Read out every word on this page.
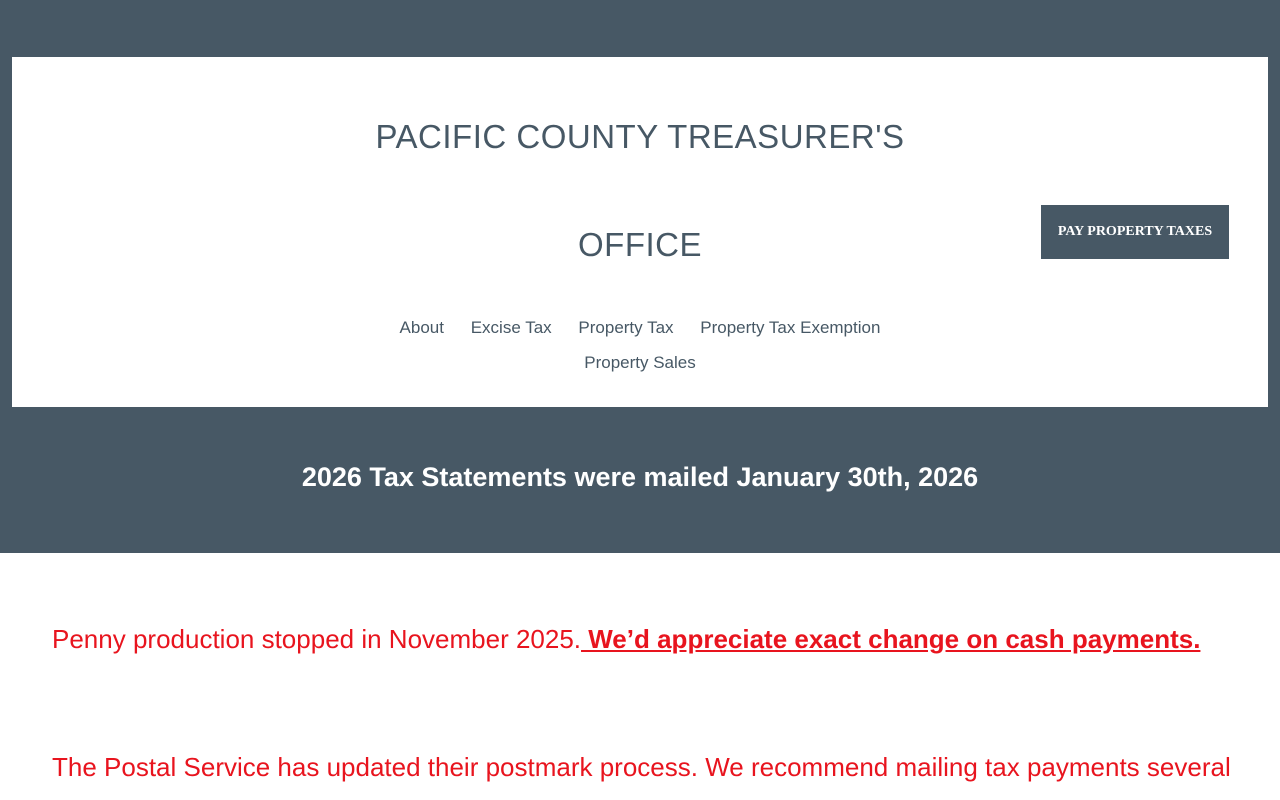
PACIFIC COUNTY TREASURER'S
OFFICE	PAY PROPERTY TAXES
About Excise Tax Property Tax Property Tax Exemption
Property Sales
2026 Tax Statements were mailed January 30th, 2026
Penny production stopped in November 2025. We’d appreciate exact change on cash payments.
The Postal Service has updated their postmark process. We recommend mailing tax payments several
